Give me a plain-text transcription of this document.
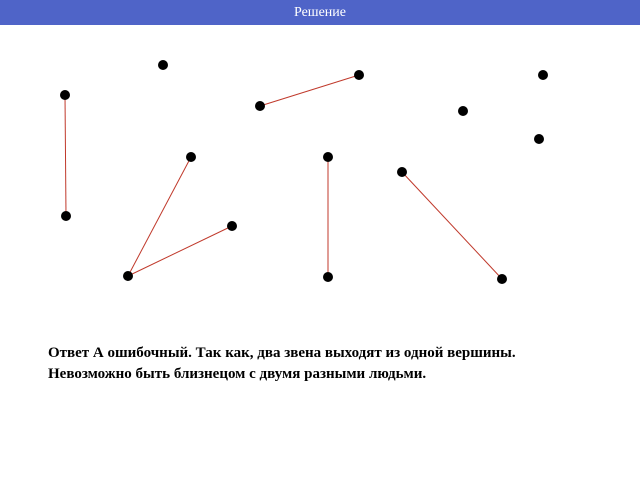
Решение
Ответ А ошибочный. Так как, два звена выходят из одной вершины.
Невозможно быть близнецом с двумя разными людьми.
